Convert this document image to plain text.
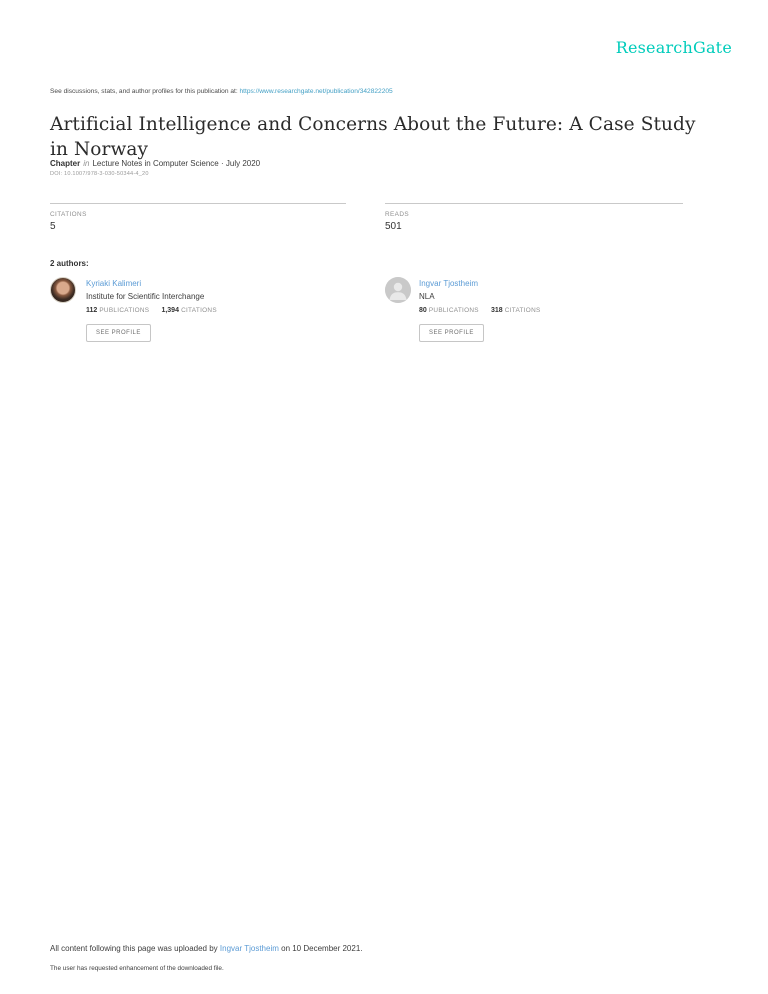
ResearchGate
See discussions, stats, and author profiles for this publication at: https://www.researchgate.net/publication/342822205
Artificial Intelligence and Concerns About the Future: A Case Study in Norway
Chapter in Lecture Notes in Computer Science · July 2020
DOI: 10.1007/978-3-030-50344-4_20
CITATIONS
5
READS
501
2 authors:
Kyriaki Kalimeri
Institute for Scientific Interchange
112 PUBLICATIONS 1,394 CITATIONS
SEE PROFILE
Ingvar Tjostheim
NLA
80 PUBLICATIONS 318 CITATIONS
SEE PROFILE
All content following this page was uploaded by Ingvar Tjostheim on 10 December 2021.
The user has requested enhancement of the downloaded file.
